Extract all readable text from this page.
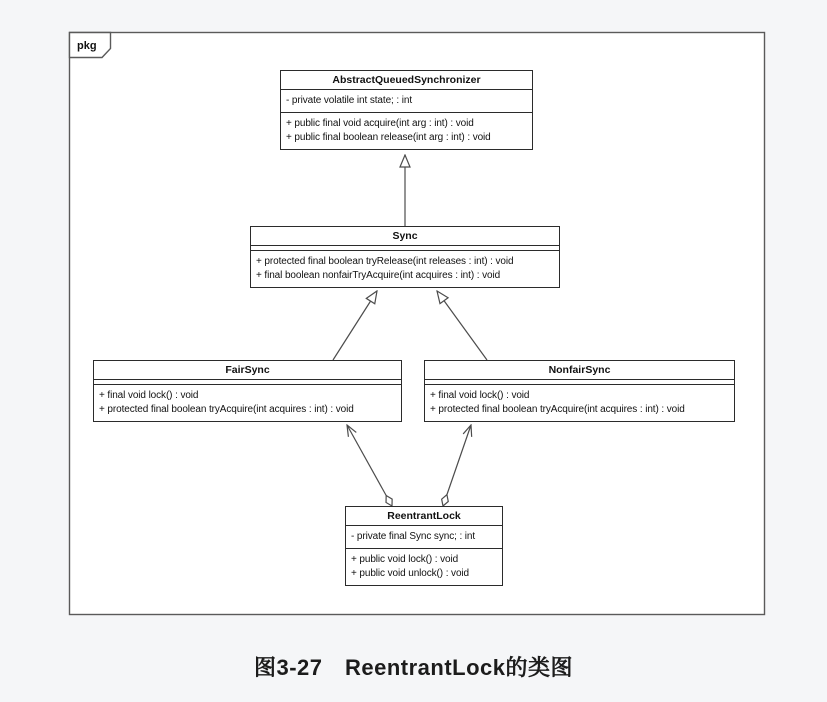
pkg
AbstractQueuedSynchronizer
- private volatile int state; : int
+ public final void acquire(int arg : int) : void
+ public final boolean release(int arg : int) : void
Sync
+ protected final boolean tryRelease(int releases : int) : void
+ final boolean nonfairTryAcquire(int acquires : int) : void
FairSync
+ final void lock() : void
+ protected final boolean tryAcquire(int acquires : int) : void
NonfairSync
+ final void lock() : void
+ protected final boolean tryAcquire(int acquires : int) : void
ReentrantLock
- private final Sync sync; : int
+ public void lock() : void
+ public void unlock() : void
图3-27　ReentrantLock的类图
